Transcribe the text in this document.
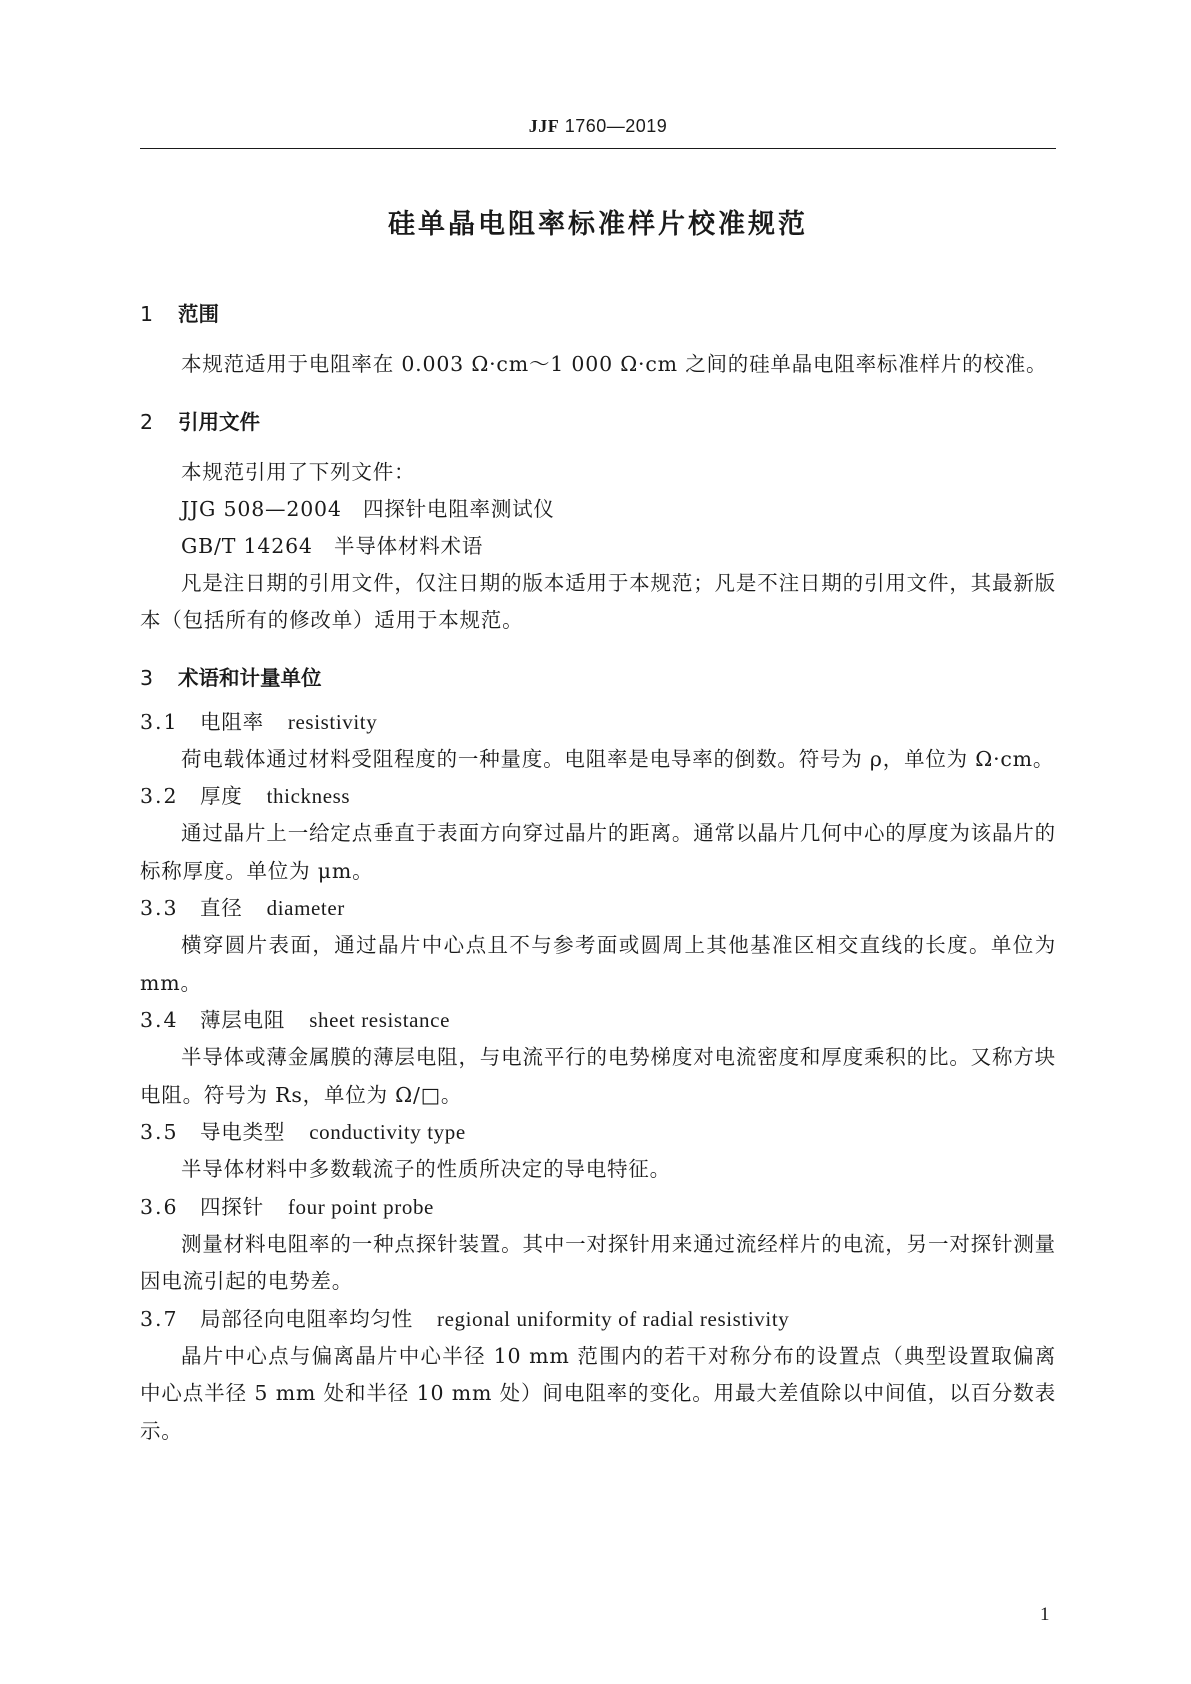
JJF 1760—2019
硅单晶电阻率标准样片校准规范
1 范围

本规范适用于电阻率在 0.003 Ω·cm～1 000 Ω·cm 之间的硅单晶电阻率标准样片的校准。

2 引用文件

本规范引用了下列文件：

JJG 508—2004　四探针电阻率测试仪

GB/T 14264　半导体材料术语

凡是注日期的引用文件，仅注日期的版本适用于本规范；凡是不注日期的引用文件，其最新版本（包括所有的修改单）适用于本规范。

3 术语和计量单位
3.1 电阻率 resistivity

荷电载体通过材料受阻程度的一种量度。电阻率是电导率的倒数。符号为 ρ，单位为 Ω·cm。

3.2 厚度 thickness

通过晶片上一给定点垂直于表面方向穿过晶片的距离。通常以晶片几何中心的厚度为该晶片的标称厚度。单位为 μm。

3.3 直径 diameter

横穿圆片表面，通过晶片中心点且不与参考面或圆周上其他基准区相交直线的长度。单位为 mm。

3.4 薄层电阻 sheet resistance

半导体或薄金属膜的薄层电阻，与电流平行的电势梯度对电流密度和厚度乘积的比。又称方块电阻。符号为 Rs，单位为 Ω/□。

3.5 导电类型 conductivity type

半导体材料中多数载流子的性质所决定的导电特征。

3.6 四探针 four point probe

测量材料电阻率的一种点探针装置。其中一对探针用来通过流经样片的电流，另一对探针测量因电流引起的电势差。

3.7 局部径向电阻率均匀性 regional uniformity of radial resistivity

晶片中心点与偏离晶片中心半径 10 mm 范围内的若干对称分布的设置点（典型设置取偏离中心点半径 5 mm 处和半径 10 mm 处）间电阻率的变化。用最大差值除以中间值，以百分数表示。

1
